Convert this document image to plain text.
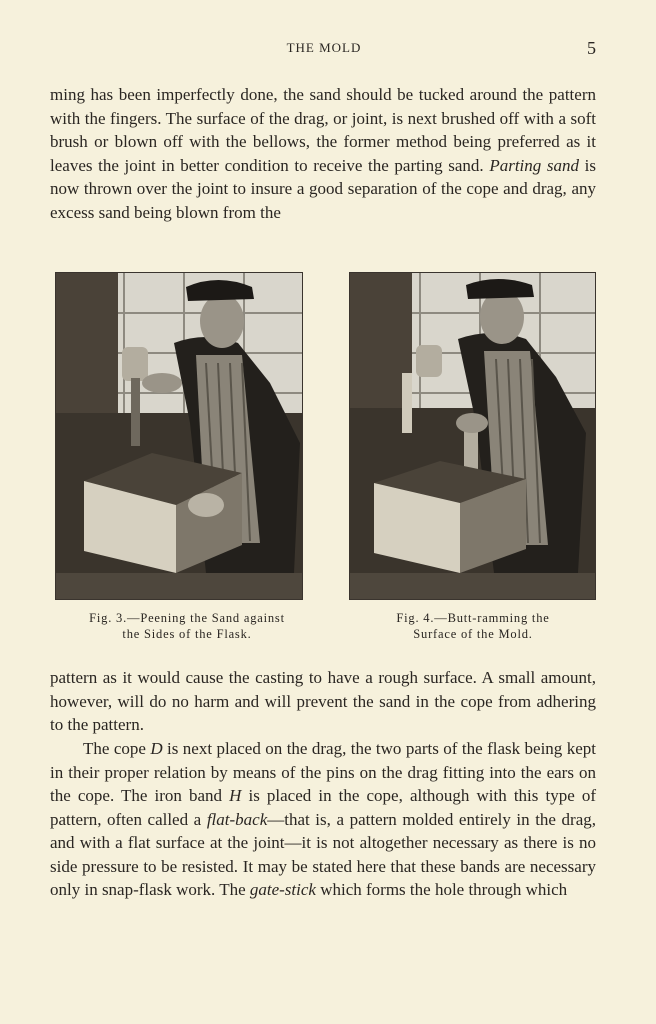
THE MOLD	5

ming has been imperfectly done, the sand should be tucked around the pattern with the fingers. The surface of the drag, or joint, is next brushed off with a soft brush or blown off with the bellows, the former method being preferred as it leaves the joint in better condition to receive the parting sand. Parting sand is now thrown over the joint to insure a good separation of the cope and drag, any excess sand being blown from the

Fig. 3.—Peening the Sand against
the Sides of the Flask.
Fig. 4.—Butt-ramming the
Surface of the Mold.

pattern as it would cause the casting to have a rough surface. A small amount, however, will do no harm and will prevent the sand in the cope from adhering to the pattern.

The cope D is next placed on the drag, the two parts of the flask being kept in their proper relation by means of the pins on the drag fitting into the ears on the cope. The iron band H is placed in the cope, although with this type of pattern, often called a flat-back—that is, a pattern molded entirely in the drag, and with a flat surface at the joint—it is not altogether necessary as there is no side pressure to be resisted. It may be stated here that these bands are necessary only in snap-flask work. The gate-stick which forms the hole through which
